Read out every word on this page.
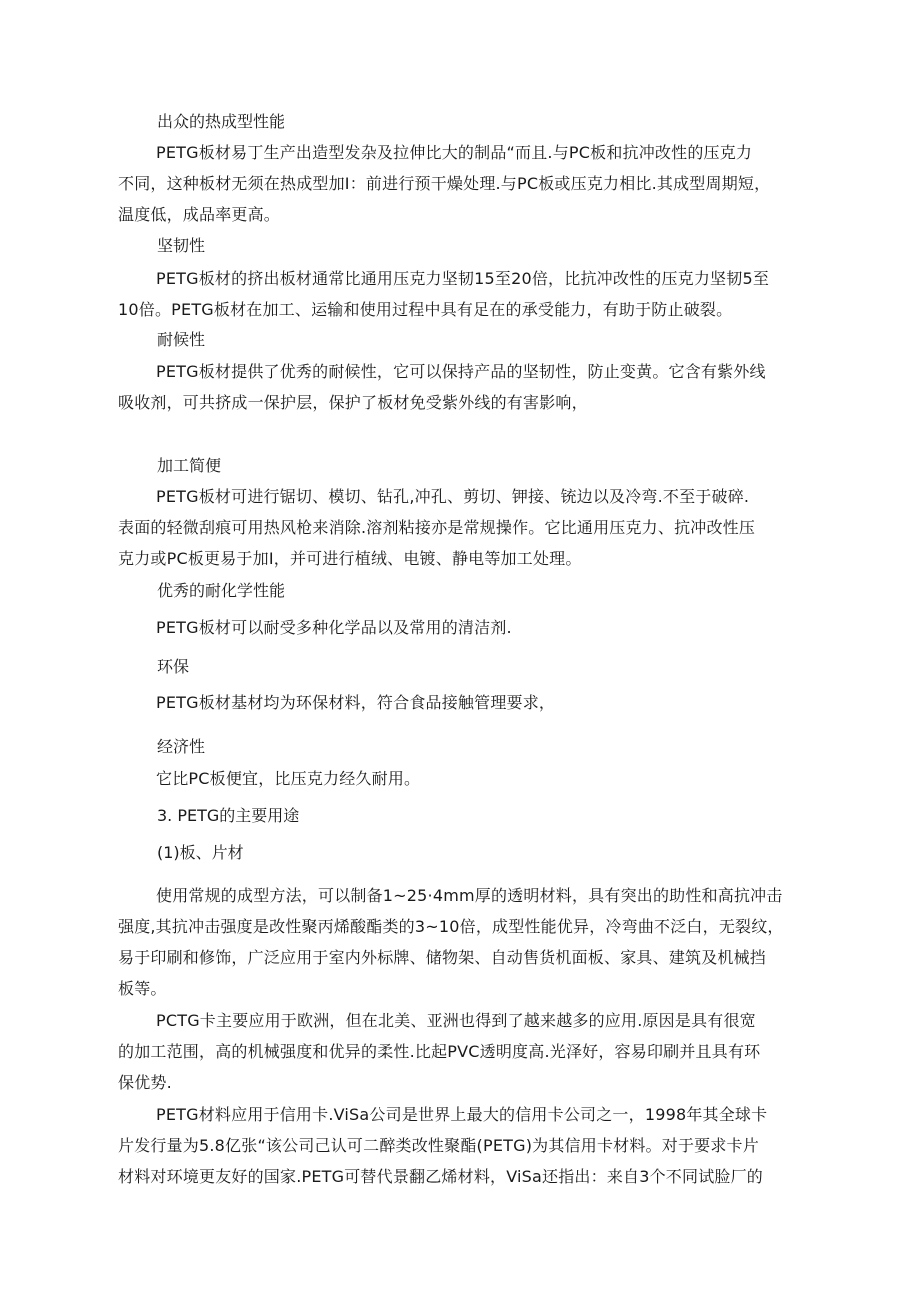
出众的热成型性能

PETG板材易丁生产出造型发杂及拉伸比大的制品“而且.与PC板和抗冲改性的压克力
不同，这种板材无须在热成型加I：前进行预干燥处理.与PC板或压克力相比.其成型周期短，
温度低，成品率更高。

坚韧性

PETG板材的挤出板材通常比通用压克力坚韧15至20倍，比抗冲改性的压克力坚韧5至
10倍。PETG板材在加工、运输和使用过程中具有足在的承受能力，有助于防止破裂。

耐候性

PETG板材提供了优秀的耐候性，它可以保持产品的坚韧性，防止变黄。它含有紫外线
吸收剂，可共挤成一保护层，保护了板材免受紫外线的有害影响，

加工简便

PETG板材可进行锯切、模切、钻孔,冲孔、剪切、钾接、铳边以及冷弯.不至于破碎.
表面的轻微刮痕可用热风枪来消除.溶剂粘接亦是常规操作。它比通用压克力、抗冲改性压
克力或PC板更易于加I，并可进行植绒、电镀、静电等加工处理。

优秀的耐化学性能

PETG板材可以耐受多种化学品以及常用的清洁剂.

环保

PETG板材基材均为环保材料，符合食品接触管理要求，

经济性

它比PC板便宜，比压克力经久耐用。

3. PETG的主要用途
(1)板、片材

使用常规的成型方法，可以制备1~25·4mm厚的透明材料，具有突出的助性和高抗冲击
强度,其抗冲击强度是改性聚丙烯酸酯类的3~10倍，成型性能优异，冷弯曲不泛白，无裂纹，
易于印刷和修饰，广泛应用于室内外标牌、储物架、自动售货机面板、家具、建筑及机械挡
板等。

PCTG卡主要应用于欧洲，但在北美、亚洲也得到了越来越多的应用.原因是具有很宽
的加工范围，高的机械强度和优异的柔性.比起PVC透明度高.光泽好，容易印刷并且具有环
保优势.

PETG材料应用于信用卡.ViSa公司是世界上最大的信用卡公司之一，1998年其全球卡
片发行量为5.8亿张“该公司己认可二醉类改性聚酯(PETG)为其信用卡材料。对于要求卡片
材料对环境更友好的国家.PETG可替代景翻乙烯材料，ViSa还指出：来自3个不同试脸厂的
